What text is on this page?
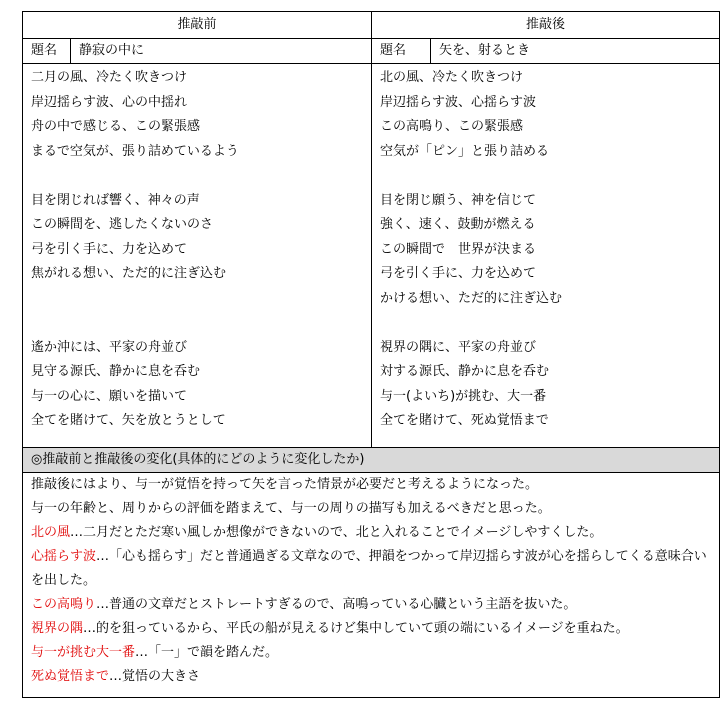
推敲前	推敲後
題名	静寂の中に	題名	矢を、射るとき
二月の風、冷たく吹きつけ
岸辺揺らす波、心の中揺れ
舟の中で感じる、この緊張感
まるで空気が、張り詰めているよう
目を閉じれば響く、神々の声
この瞬間を、逃したくないのさ
弓を引く手に、力を込めて
焦がれる想い、ただ的に注ぎ込む
遙か沖には、平家の舟並び
見守る源氏、静かに息を呑む
与一の心に、願いを描いて
全てを賭けて、矢を放とうとして
北の風、冷たく吹きつけ
岸辺揺らす波、心揺らす波
この高鳴り、この緊張感
空気が「ピン」と張り詰める
目を閉じ願う、神を信じて
強く、速く、鼓動が燃える
この瞬間で　世界が決まる
弓を引く手に、力を込めて
かける想い、ただ的に注ぎ込む
視界の隅に、平家の舟並び
対する源氏、静かに息を呑む
与一(よいち)が挑む、大一番
全てを賭けて、死ぬ覚悟まで
◎推敲前と推敲後の変化(具体的にどのように変化したか)

推敲後にはより、与一が覚悟を持って矢を言った情景が必要だと考えるようになった。

与一の年齢と、周りからの評価を踏まえて、与一の周りの描写も加えるべきだと思った。

北の風…二月だとただ寒い風しか想像ができないので、北と入れることでイメージしやすくした。

心揺らす波…「心も揺らす」だと普通過ぎる文章なので、押韻をつかって岸辺揺らす波が心を揺らしてくる意味合いを出した。

この高鳴り…普通の文章だとストレートすぎるので、高鳴っている心臓という主語を抜いた。

視界の隅…的を狙っているから、平氏の船が見えるけど集中していて頭の端にいるイメージを重ねた。

与一が挑む大一番…「一」で韻を踏んだ。

死ぬ覚悟まで…覚悟の大きさ
